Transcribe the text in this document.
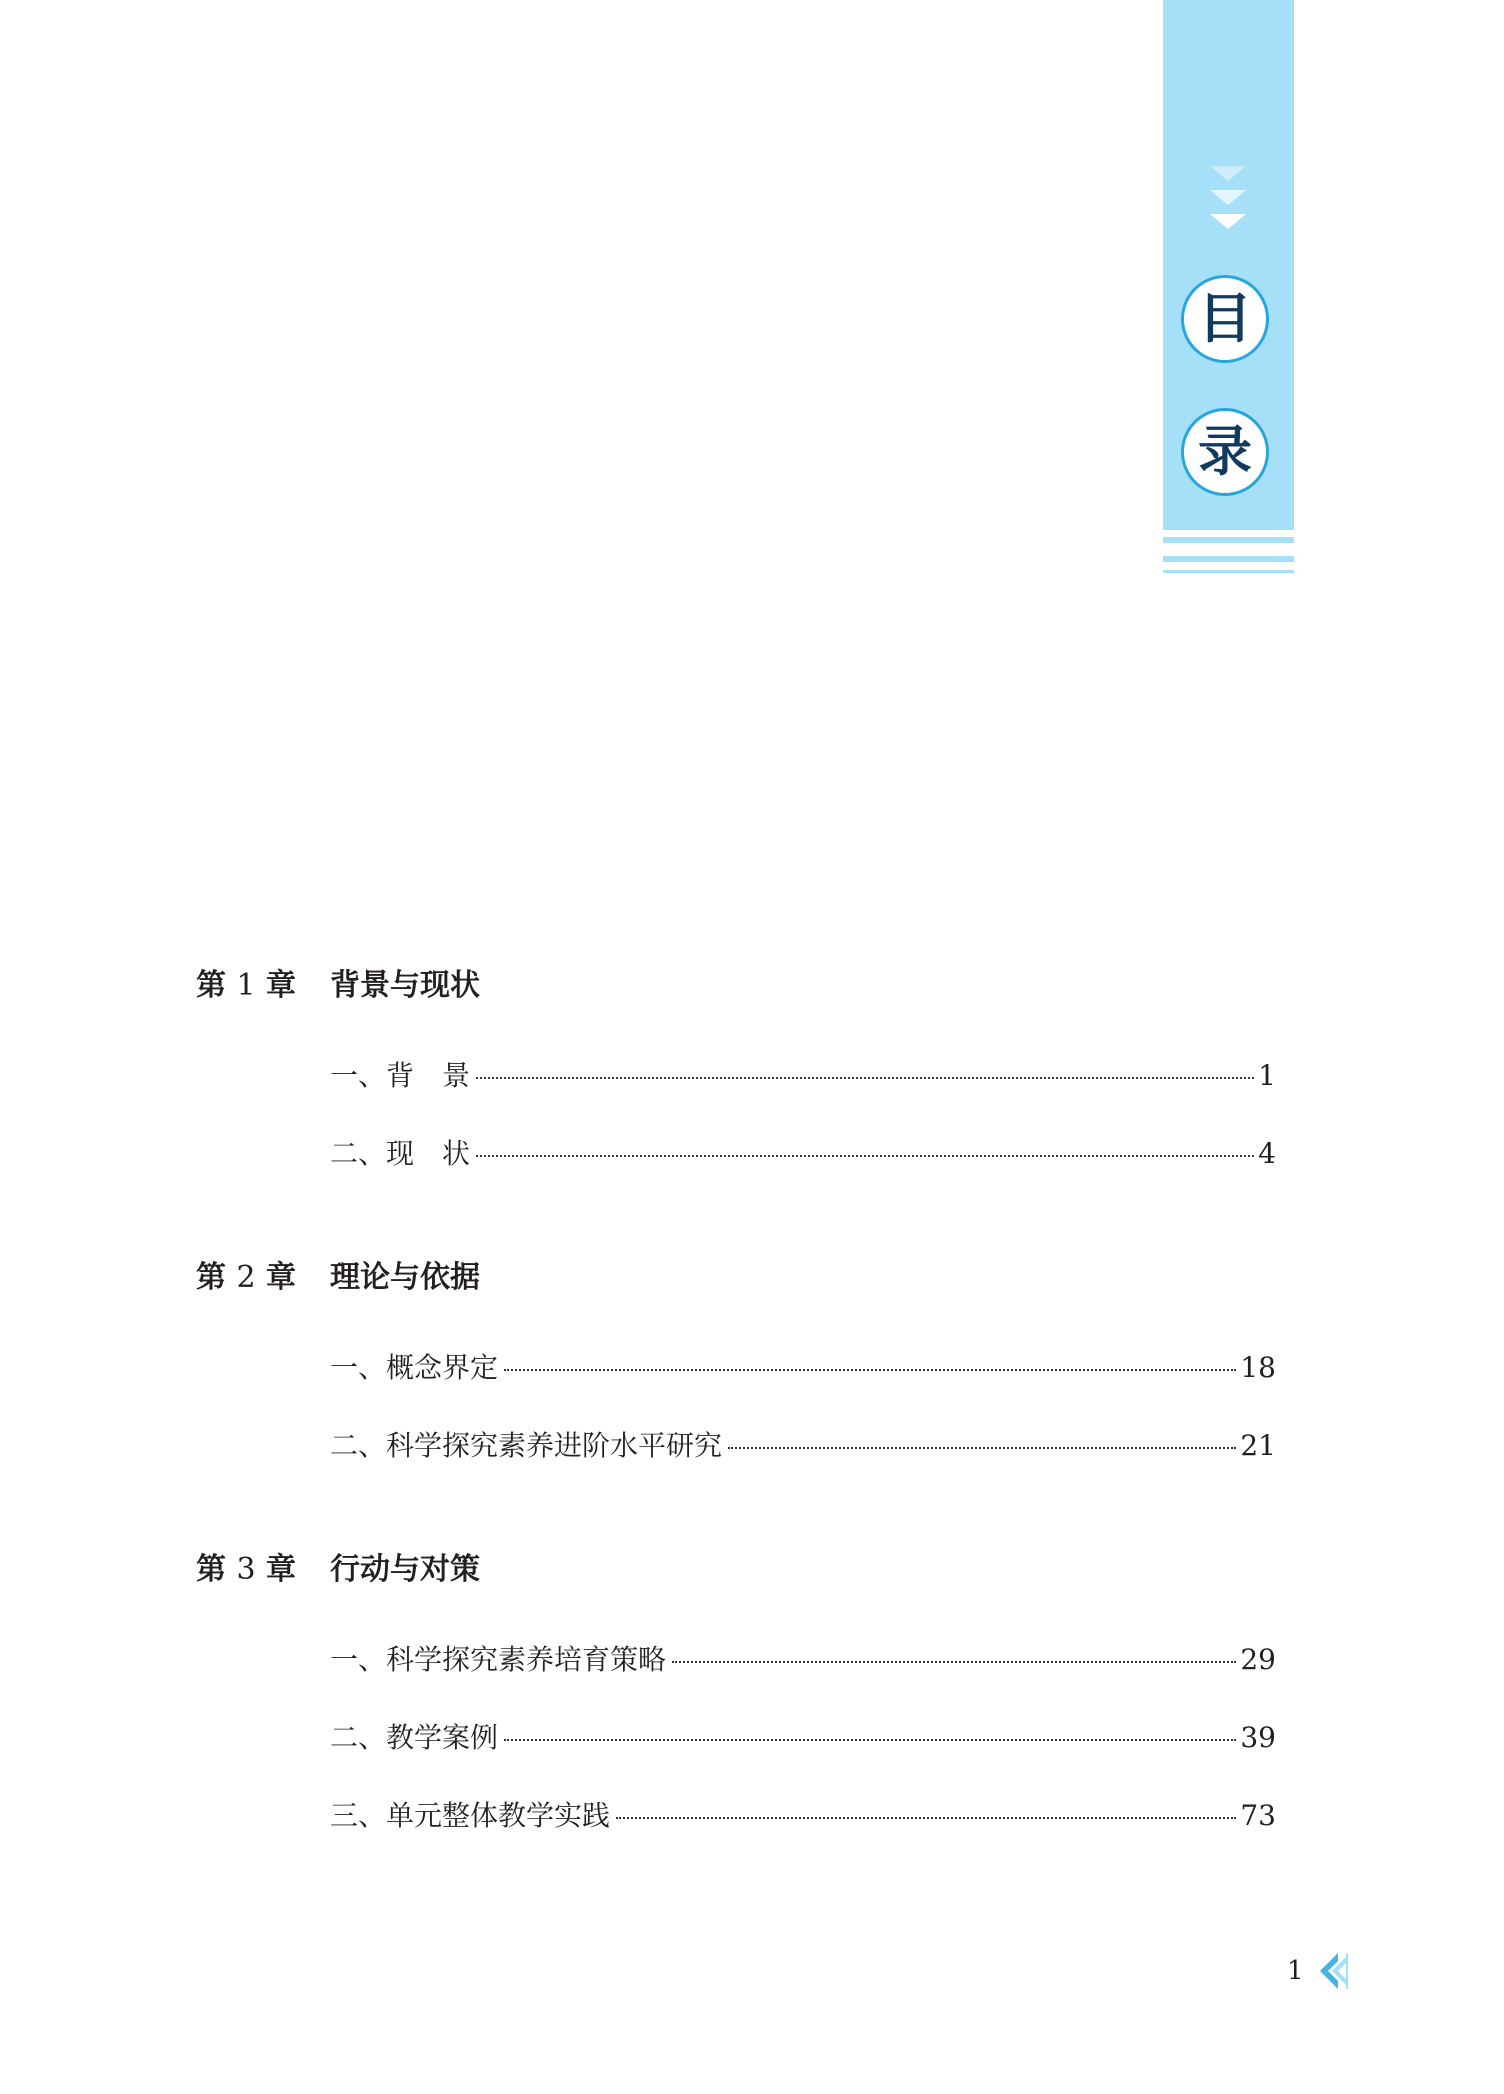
目
录
第 1 章	背景与现状
一、背　景	1
二、现　状	4
第 2 章	理论与依据
一、概念界定	18
二、科学探究素养进阶水平研究	21
第 3 章	行动与对策
一、科学探究素养培育策略	29
二、教学案例	39
三、单元整体教学实践	73
1
